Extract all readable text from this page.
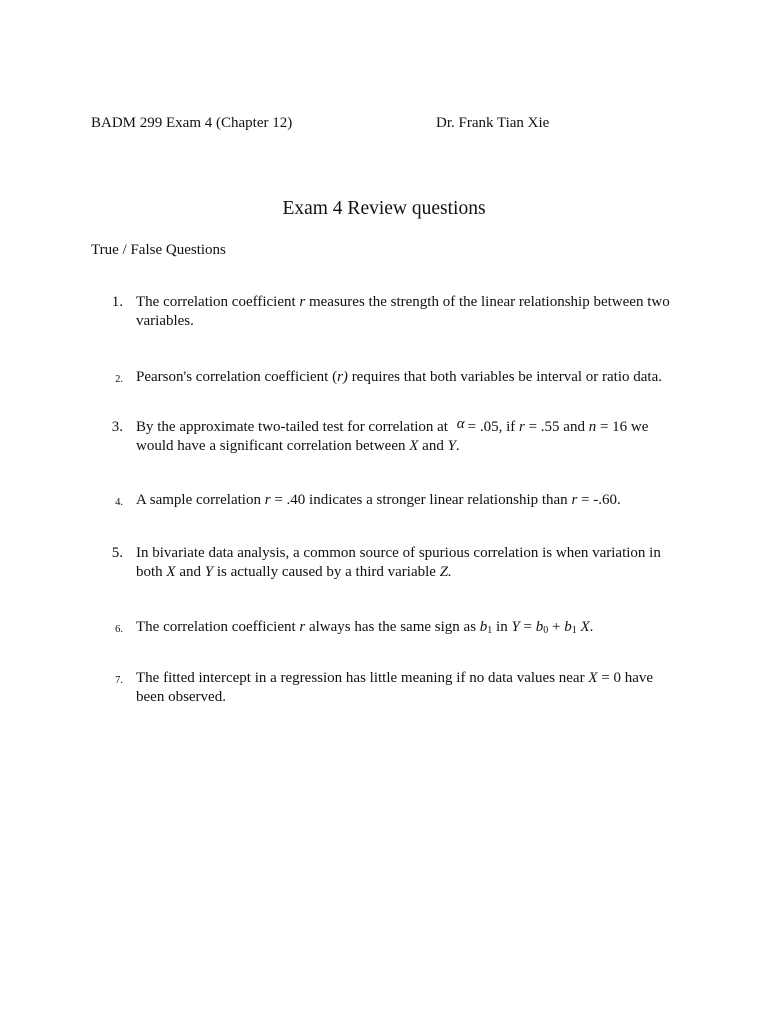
BADM 299 Exam 4 (Chapter 12)	Dr. Frank Tian Xie
Exam 4 Review questions
True / False Questions
1. The correlation coefficient r measures the strength of the linear relationship between two variables.
2. Pearson's correlation coefficient (r) requires that both variables be interval or ratio data.
3. By the approximate two-tailed test for correlation at α = .05, if r = .55 and n = 16 we would have a significant correlation between X and Y.
4. A sample correlation r = .40 indicates a stronger linear relationship than r = -.60.
5. In bivariate data analysis, a common source of spurious correlation is when variation in both X and Y is actually caused by a third variable Z.
6. The correlation coefficient r always has the same sign as $b_1$ in $Y = b_0 + b_1$ X.
7. The fitted intercept in a regression has little meaning if no data values near X = 0 have been observed.
